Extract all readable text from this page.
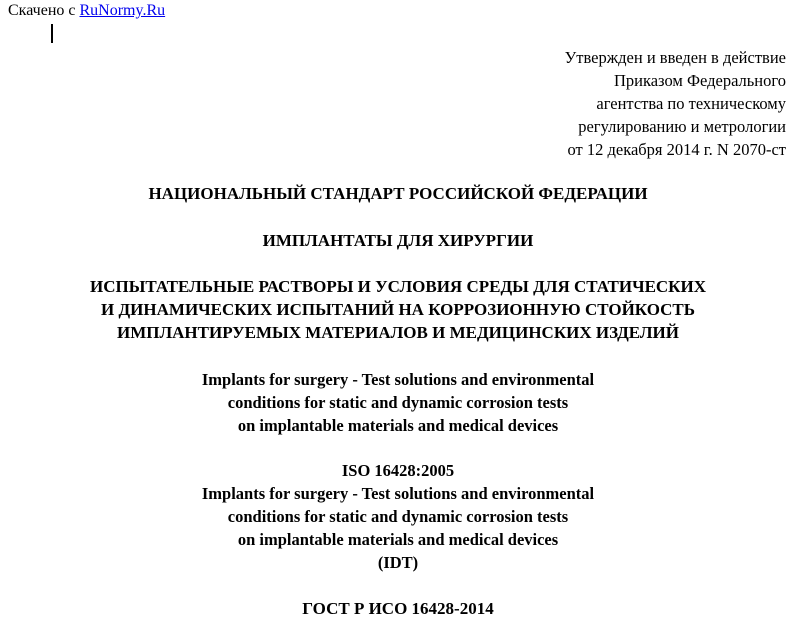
Скачено с RuNormy.Ru
Утвержден и введен в действие
Приказом Федерального
агентства по техническому
регулированию и метрологии
от 12 декабря 2014 г. N 2070-ст
НАЦИОНАЛЬНЫЙ СТАНДАРТ РОССИЙСКОЙ ФЕДЕРАЦИИ
ИМПЛАНТАТЫ ДЛЯ ХИРУРГИИ
ИСПЫТАТЕЛЬНЫЕ РАСТВОРЫ И УСЛОВИЯ СРЕДЫ ДЛЯ СТАТИЧЕСКИХ
И ДИНАМИЧЕСКИХ ИСПЫТАНИЙ НА КОРРОЗИОННУЮ СТОЙКОСТЬ
ИМПЛАНТИРУЕМЫХ МАТЕРИАЛОВ И МЕДИЦИНСКИХ ИЗДЕЛИЙ
Implants for surgery - Test solutions and environmental
conditions for static and dynamic corrosion tests
on implantable materials and medical devices
ISO 16428:2005
Implants for surgery - Test solutions and environmental
conditions for static and dynamic corrosion tests
on implantable materials and medical devices
(IDT)
ГОСТ Р ИСО 16428-2014
